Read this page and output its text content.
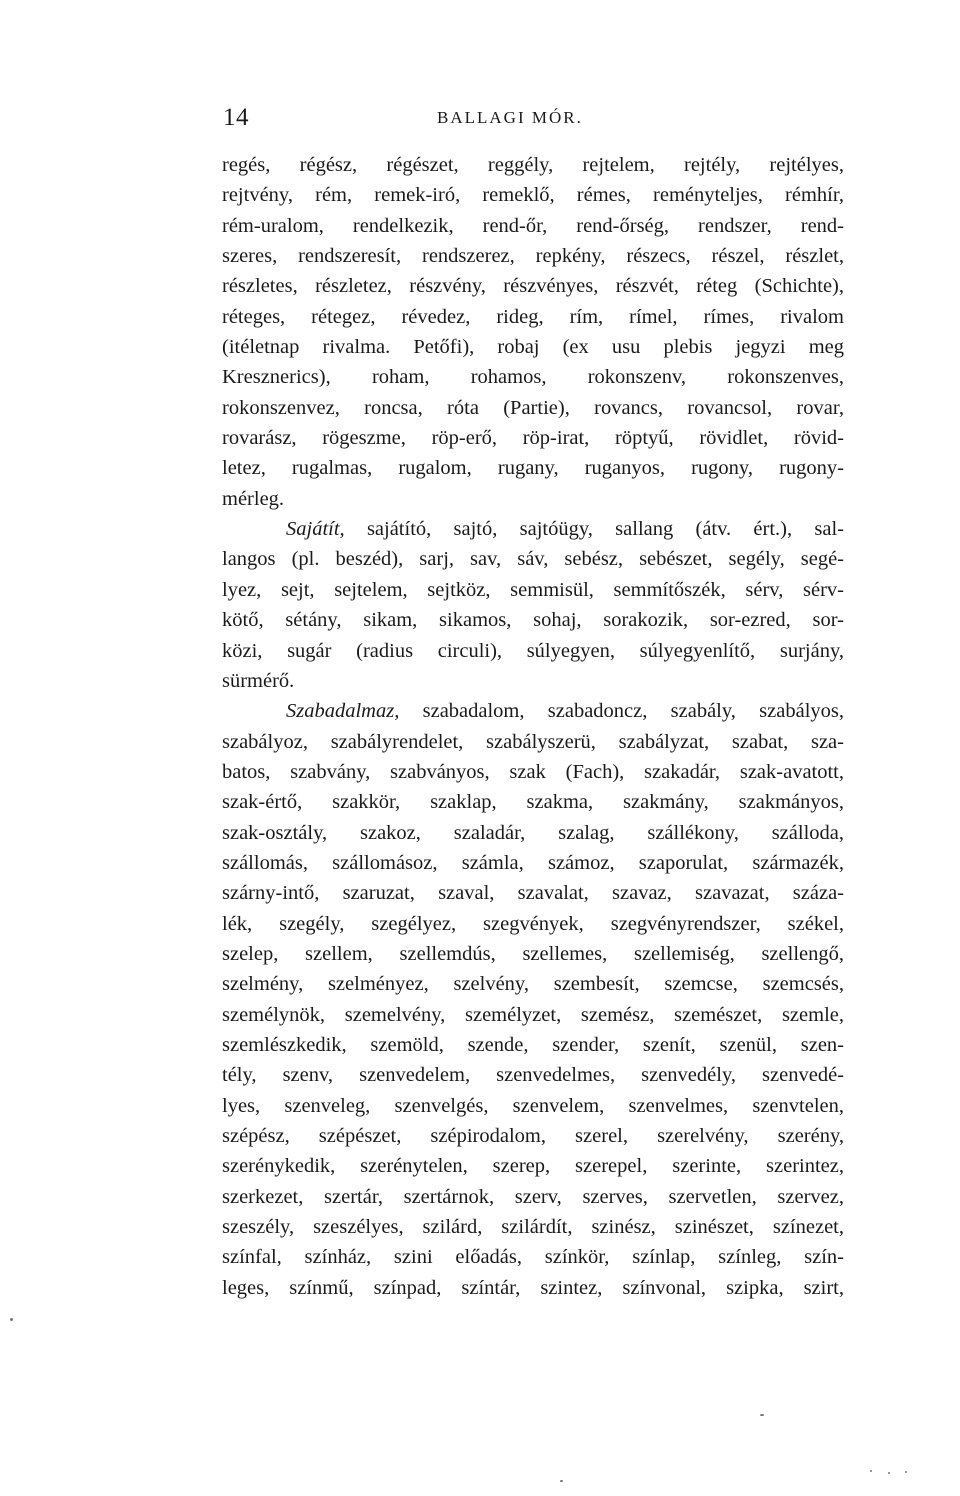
14	BALLAGI MÓR.
regés, régész, régészet, reggély, rejtelem, rejtély, rejtélyes,
rejtvény, rém, remek-iró, remeklő, rémes, reményteljes, rémhír,
rém-uralom, rendelkezik, rend-őr, rend-őrség, rendszer, rend-
szeres, rendszeresít, rendszerez, repkény, részecs, részel, részlet,
részletes, részletez, részvény, részvényes, részvét, réteg (Schichte),
réteges, rétegez, révedez, rideg, rím, rímel, rímes, rivalom
(itéletnap rivalma. Petőfi), robaj (ex usu plebis jegyzi meg
Kresznerics), roham, rohamos, rokonszenv, rokonszenves,
rokonszenvez, roncsa, róta (Partie), rovancs, rovancsol, rovar,
rovarász, rögeszme, röp-erő, röp-irat, röptyű, rövidlet, rövid-
letez, rugalmas, rugalom, rugany, ruganyos, rugony, rugony-
mérleg.
Sajátít, sajátító, sajtó, sajtóügy, sallang (átv. ért.), sal-
langos (pl. beszéd), sarj, sav, sáv, sebész, sebészet, segély, segé-
lyez, sejt, sejtelem, sejtköz, semmisül, semmítőszék, sérv, sérv-
kötő, sétány, sikam, sikamos, sohaj, sorakozik, sor-ezred, sor-
közi, sugár (radius circuli), súlyegyen, súlyegyenlítő, surjány,
sürmérő.
Szabadalmaz, szabadalom, szabadoncz, szabály, szabályos,
szabályoz, szabályrendelet, szabályszerü, szabályzat, szabat, sza-
batos, szabvány, szabványos, szak (Fach), szakadár, szak-avatott,
szak-értő, szakkör, szaklap, szakma, szakmány, szakmányos,
szak-osztály, szakoz, szaladár, szalag, szállékony, szálloda,
szállomás, szállomásoz, számla, számoz, szaporulat, származék,
szárny-intő, szaruzat, szaval, szavalat, szavaz, szavazat, száza-
lék, szegély, szegélyez, szegvények, szegvényrendszer, székel,
szelep, szellem, szellemdús, szellemes, szellemiség, szellengő,
szelmény, szelményez, szelvény, szembesít, szemcse, szemcsés,
személynök, szemelvény, személyzet, szemész, szemészet, szemle,
szemlészkedik, szemöld, szende, szender, szenít, szenül, szen-
tély, szenv, szenvedelem, szenvedelmes, szenvedély, szenvedé-
lyes, szenveleg, szenvelgés, szenvelem, szenvelmes, szenvtelen,
szépész, szépészet, szépirodalom, szerel, szerelvény, szerény,
szerénykedik, szerénytelen, szerep, szerepel, szerinte, szerintez,
szerkezet, szertár, szertárnok, szerv, szerves, szervetlen, szervez,
szeszély, szeszélyes, szilárd, szilárdít, szinész, szinészet, színezet,
színfal, színház, szini előadás, színkör, színlap, színleg, szín-
leges, színmű, színpad, színtár, szintez, színvonal, szipka, szirt,
